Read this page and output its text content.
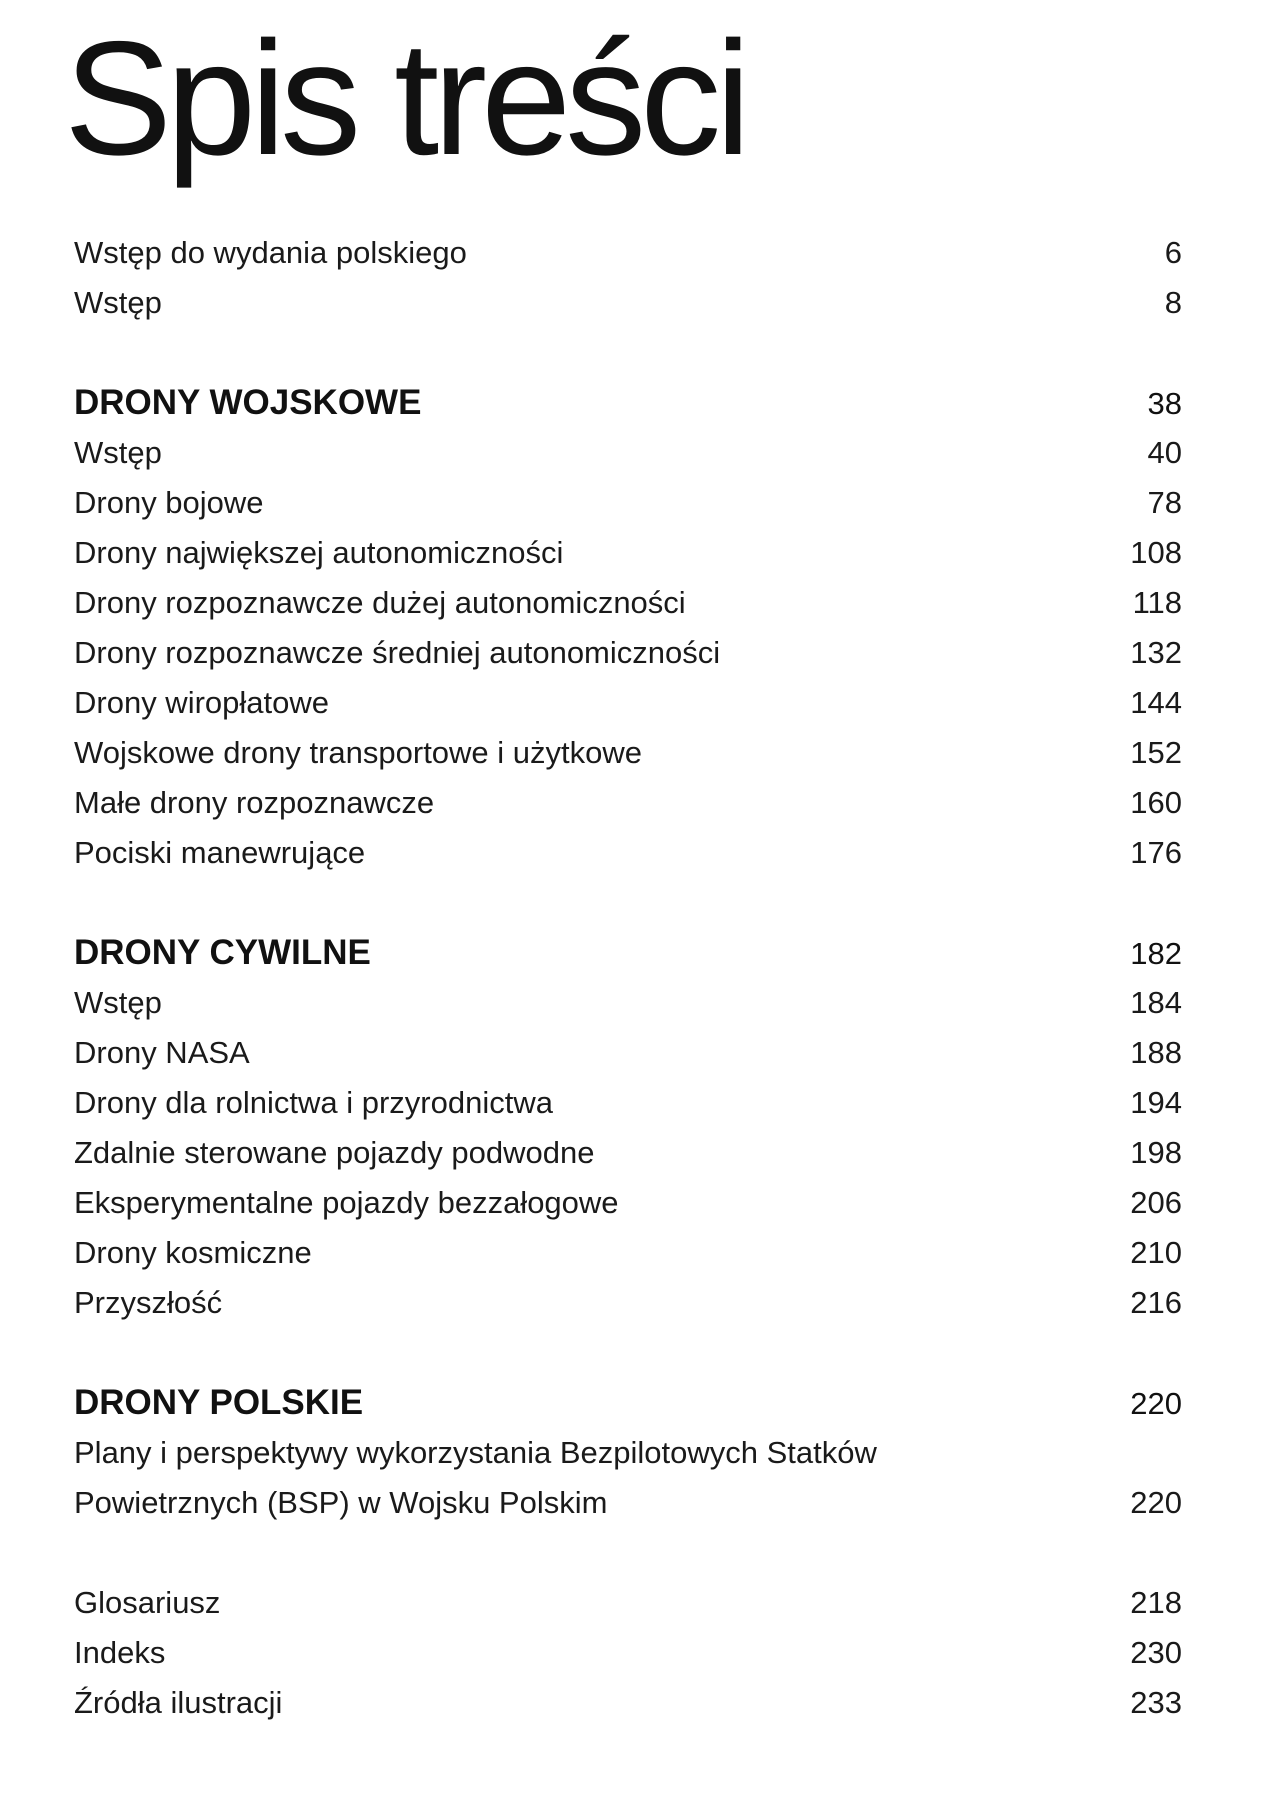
Spis treści
Wstęp do wydania polskiego	6
Wstęp	8
DRONY WOJSKOWE	38
Wstęp	40
Drony bojowe	78
Drony największej autonomiczności	108
Drony rozpoznawcze dużej autonomiczności	118
Drony rozpoznawcze średniej autonomiczności	132
Drony wiropłatowe	144
Wojskowe drony transportowe i użytkowe	152
Małe drony rozpoznawcze	160
Pociski manewrujące	176
DRONY CYWILNE	182
Wstęp	184
Drony NASA	188
Drony dla rolnictwa i przyrodnictwa	194
Zdalnie sterowane pojazdy podwodne	198
Eksperymentalne pojazdy bezzałogowe	206
Drony kosmiczne	210
Przyszłość	216
DRONY POLSKIE	220
Plany i perspektywy wykorzystania Bezpilotowych Statków
Powietrznych (BSP) w Wojsku Polskim	220
Glosariusz	218
Indeks	230
Źródła ilustracji	233
